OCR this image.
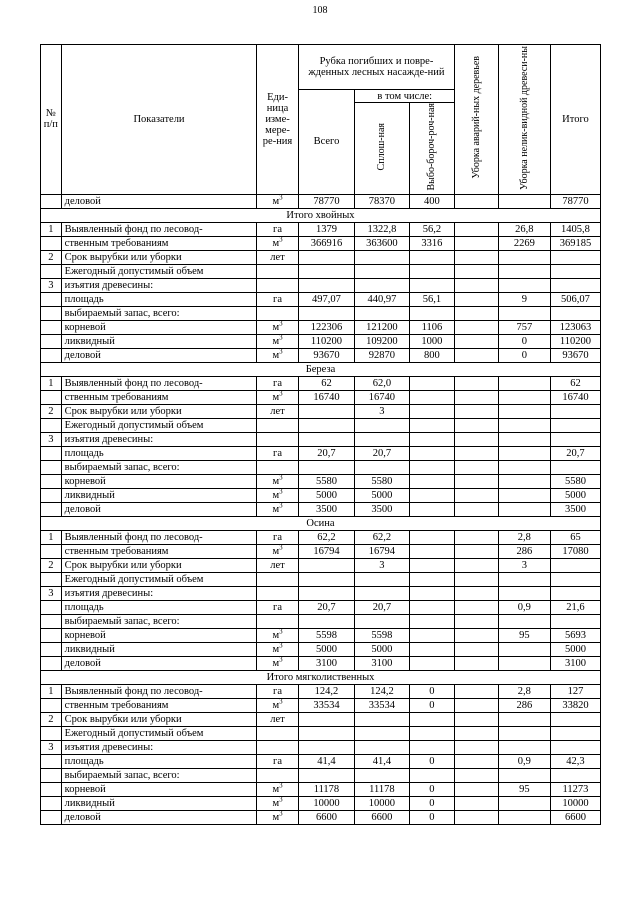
108
№ п/п	Показатели	Еди-ница изме-мере-ре-ния	Рубка погибших и повре-жденных лесных насажде-ний			Уборка аварий-ных деревьев	Уборка нелик-видной древеси-ны	Итого
			Всего	в том числе:				
				Сплош-ная	Выбо-бороч-роч-ная			
	деловой	$м^3$	78770	78370	400			78770
Итого хвойных								
1	Выявленный фонд по лесовод-	га	1379	1322,8	56,2		26,8	1405,8
	ственным требованиям	$м^3$	366916	363600	3316		2269	369185
2	Срок вырубки или уборки	лет						
	Ежегодный допустимый объем							
3	изъятия древесины:							
	площадь	га	497,07	440,97	56,1		9	506,07
	выбираемый запас, всего:							
	корневой	$м^3$	122306	121200	1106		757	123063
	ликвидный	$м^3$	110200	109200	1000		0	110200
	деловой	$м^3$	93670	92870	800		0	93670
Береза								
1	Выявленный фонд по лесовод-	га	62	62,0				62
	ственным требованиям	$м^3$	16740	16740				16740
2	Срок вырубки или уборки	лет		3				
	Ежегодный допустимый объем							
3	изъятия древесины:							
	площадь	га	20,7	20,7				20,7
	выбираемый запас, всего:							
	корневой	$м^3$	5580	5580				5580
	ликвидный	$м^3$	5000	5000				5000
	деловой	$м^3$	3500	3500				3500
Осина								
1	Выявленный фонд по лесовод-	га	62,2	62,2			2,8	65
	ственным требованиям	$м^3$	16794	16794			286	17080
2	Срок вырубки или уборки	лет		3			3	
	Ежегодный допустимый объем							
3	изъятия древесины:							
	площадь	га	20,7	20,7			0,9	21,6
	выбираемый запас, всего:							
	корневой	$м^3$	5598	5598			95	5693
	ликвидный	$м^3$	5000	5000				5000
	деловой	$м^3$	3100	3100				3100
Итого мягколиственных								
1	Выявленный фонд по лесовод-	га	124,2	124,2	0		2,8	127
	ственным требованиям	$м^3$	33534	33534	0		286	33820
2	Срок вырубки или уборки	лет						
	Ежегодный допустимый объем							
3	изъятия древесины:							
	площадь	га	41,4	41,4	0		0,9	42,3
	выбираемый запас, всего:							
	корневой	$м^3$	11178	11178	0		95	11273
	ликвидный	$м^3$	10000	10000	0			10000
	деловой	$м^3$	6600	6600	0			6600
